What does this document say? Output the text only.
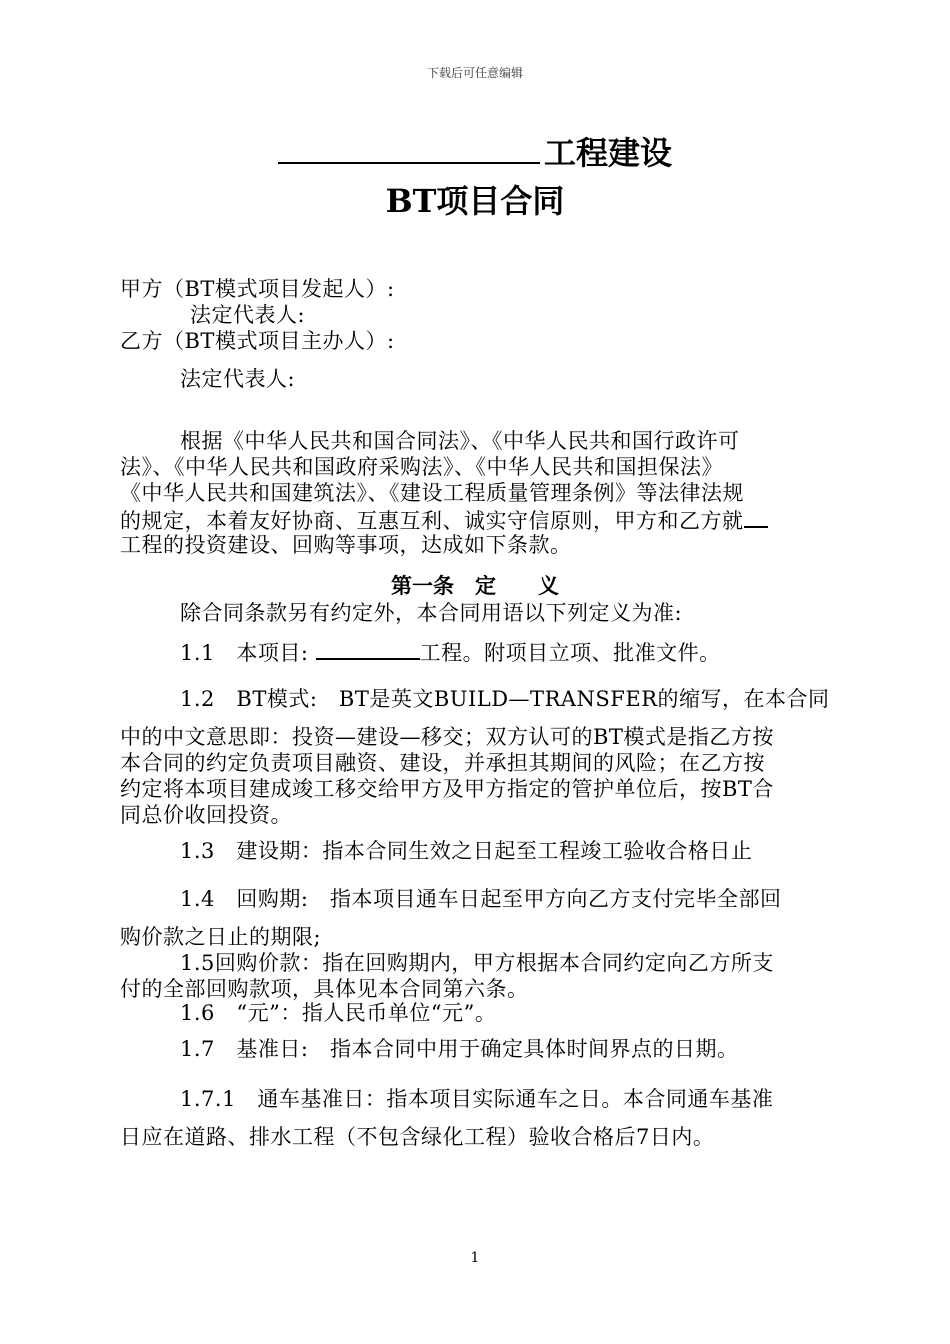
下载后可任意编辑
工程建设
BT项目合同
甲方（BT模式项目发起人）:
法定代表人:
乙方（BT模式项目主办人）:
法定代表人:
根据《中华人民共和国合同法》、《中华人民共和国行政许可
法》、《中华人民共和国政府采购法》、《中华人民共和国担保法》
《中华人民共和国建筑法》、《建设工程质量管理条例》等法律法规
的规定，本着友好协商、互惠互利、诚实守信原则，甲方和乙方就
工程的投资建设、回购等事项，达成如下条款。
第一条　定　　义
除合同条款另有约定外，本合同用语以下列定义为准:
1.1　本项目:	工程。附项目立项、批准文件。
1.2　BT模式:　BT是英文BUILD—TRANSFER的缩写，在本合同
中的中文意思即：投资—建设—移交；双方认可的BT模式是指乙方按
本合同的约定负责项目融资、建设，并承担其期间的风险；在乙方按
约定将本项目建成竣工移交给甲方及甲方指定的管护单位后，按BT合
同总价收回投资。
1.3　建设期：指本合同生效之日起至工程竣工验收合格日止
1.4　回购期:　指本项目通车日起至甲方向乙方支付完毕全部回
购价款之日止的期限;
1.5回购价款：指在回购期内，甲方根据本合同约定向乙方所支
付的全部回购款项，具体见本合同第六条。
1.6　“元”：指人民币单位“元”。
1.7　基准日:　指本合同中用于确定具体时间界点的日期。
1.7.1　通车基准日：指本项目实际通车之日。本合同通车基准
日应在道路、排水工程（不包含绿化工程）验收合格后7日内。
1
